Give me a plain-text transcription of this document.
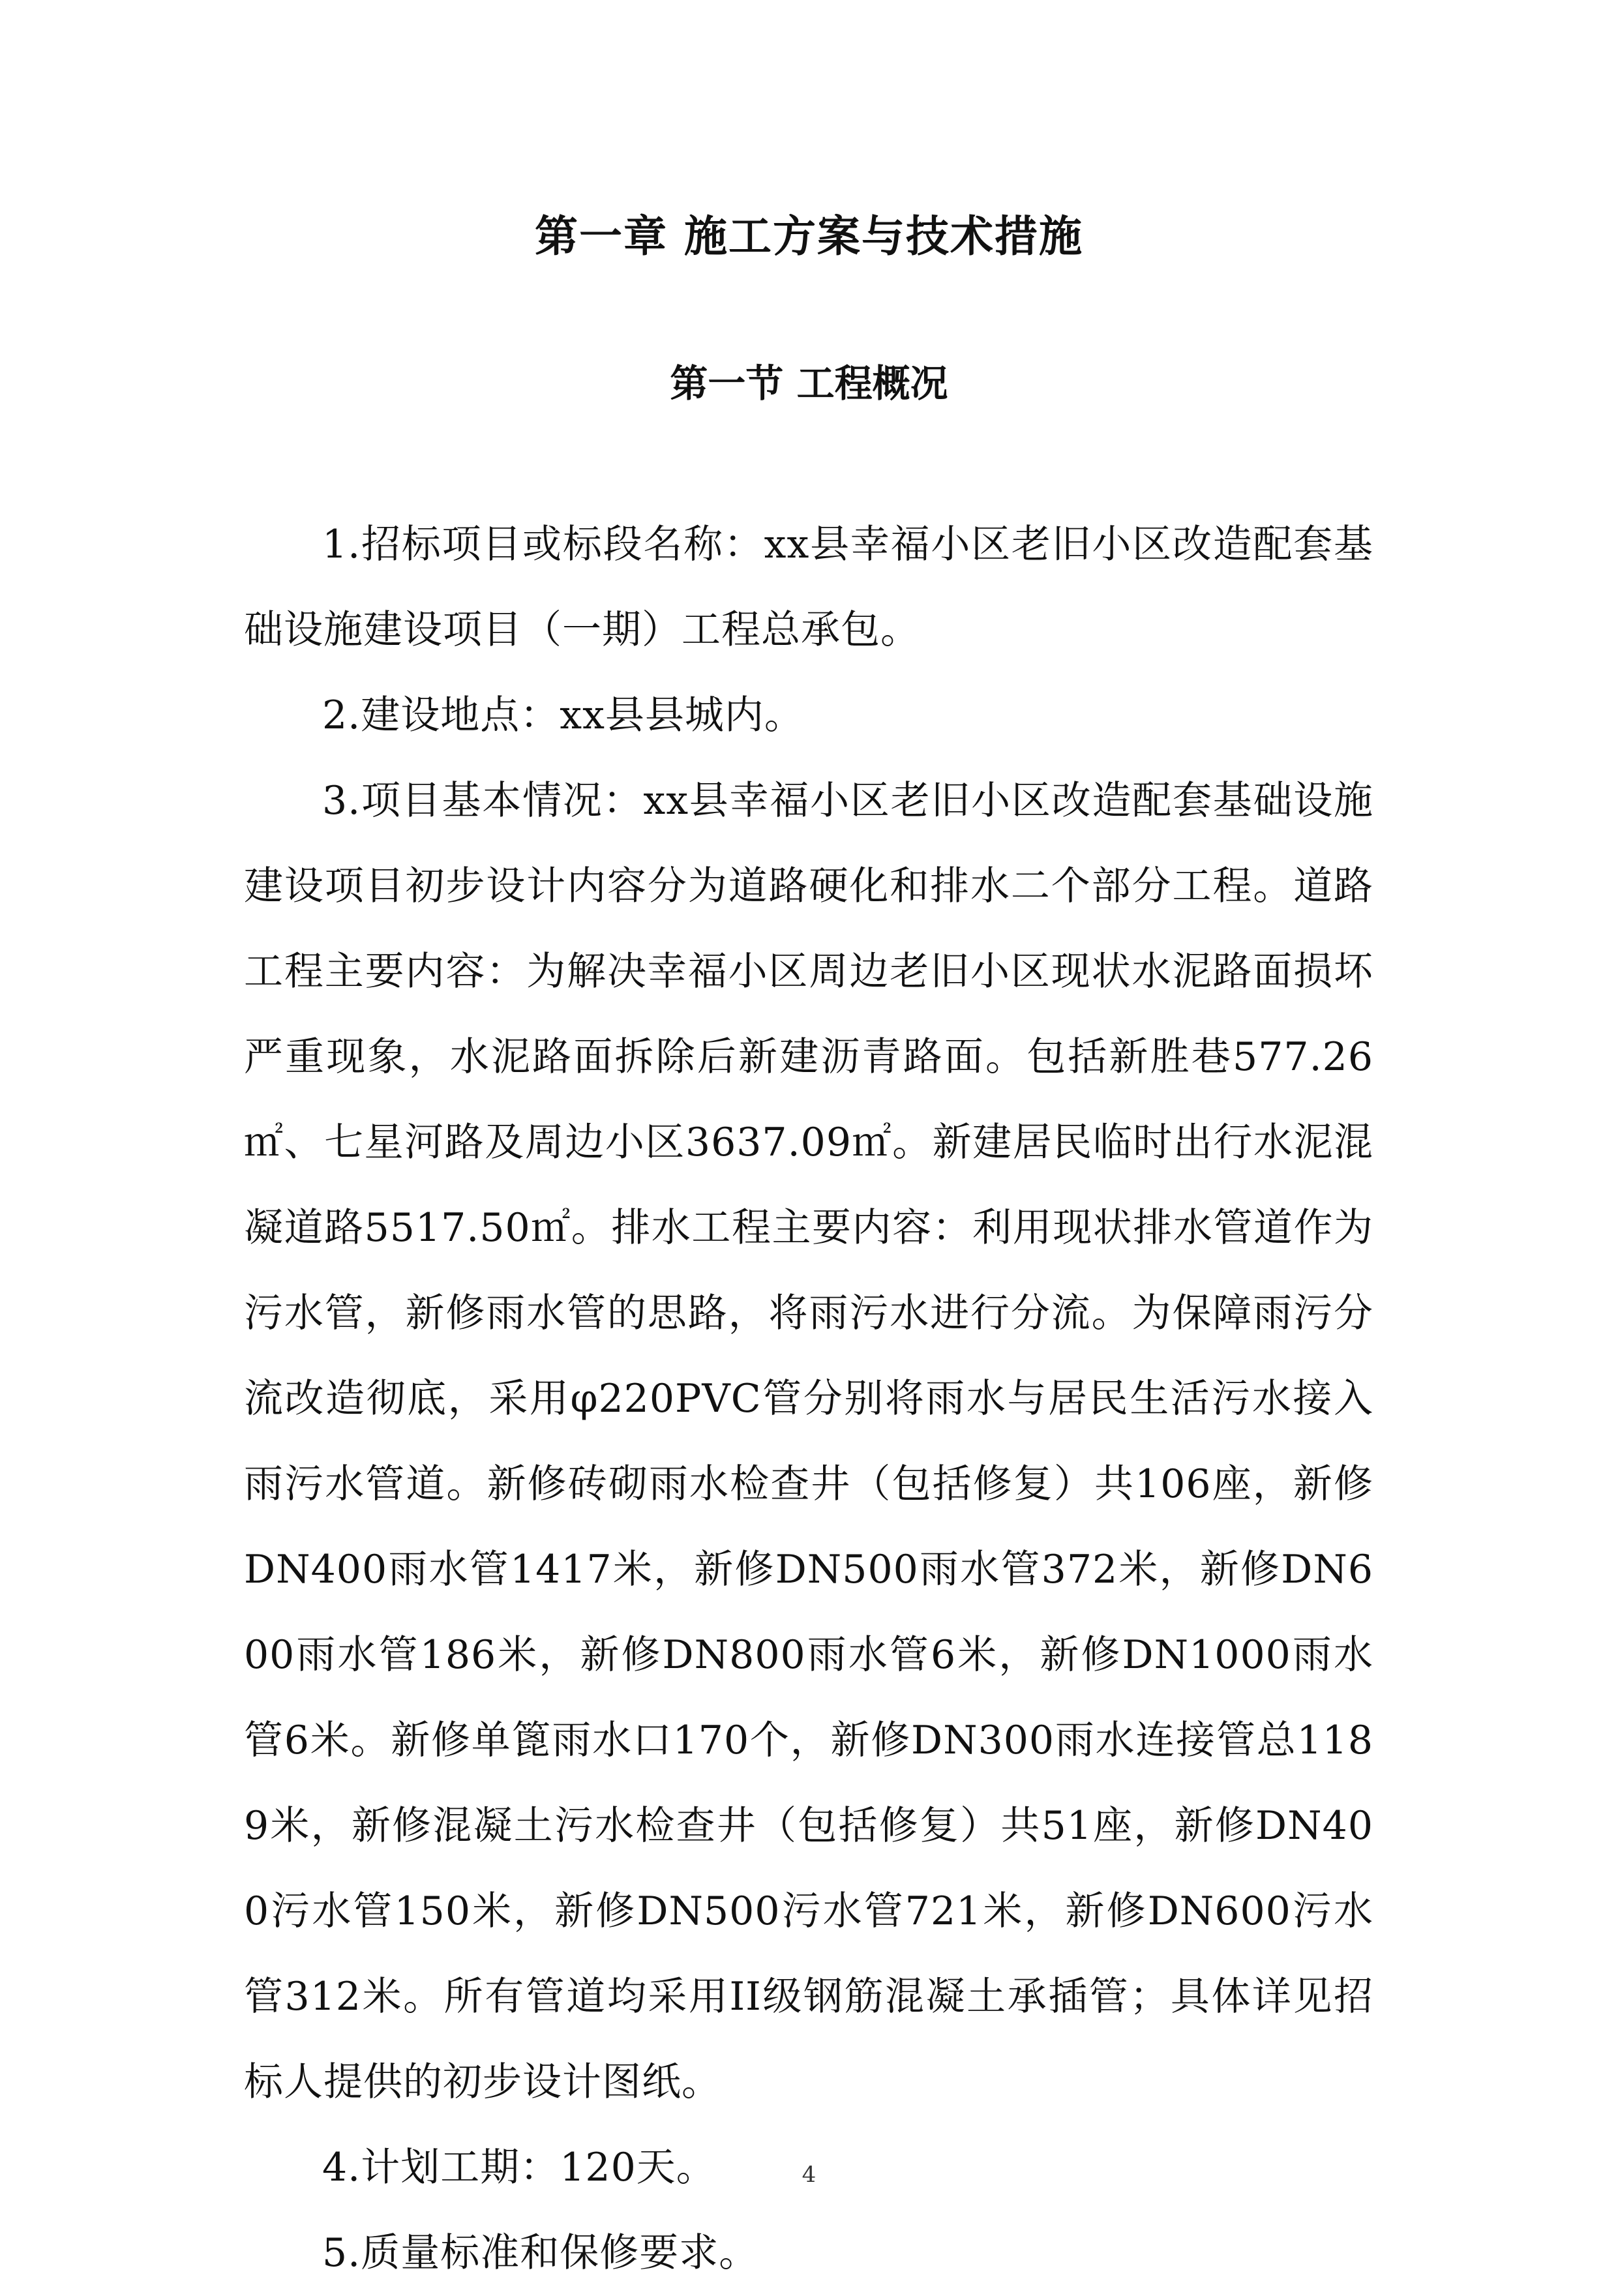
第一章 施工方案与技术措施
第一节 工程概况

1.招标项目或标段名称：xx县幸福小区老旧小区改造配套基础设施建设项目（一期）工程总承包。

2.建设地点：xx县县城内。

3.项目基本情况：xx县幸福小区老旧小区改造配套基础设施建设项目初步设计内容分为道路硬化和排水二个部分工程。道路工程主要内容：为解决幸福小区周边老旧小区现状水泥路面损坏严重现象，水泥路面拆除后新建沥青路面。包括新胜巷577.26㎡、七星河路及周边小区3637.09㎡。新建居民临时出行水泥混凝道路5517.50㎡。排水工程主要内容：利用现状排水管道作为污水管，新修雨水管的思路，将雨污水进行分流。为保障雨污分流改造彻底，采用φ220PVC管分别将雨水与居民生活污水接入雨污水管道。新修砖砌雨水检查井（包括修复）共106座，新修DN400雨水管1417米，新修DN500雨水管372米，新修DN600雨水管186米，新修DN800雨水管6米，新修DN1000雨水管6米。新修单篦雨水口170个，新修DN300雨水连接管总1189米，新修混凝土污水检查井（包括修复）共51座，新修DN400污水管150米，新修DN500污水管721米，新修DN600污水管312米。所有管道均采用II级钢筋混凝土承插管；具体详见招标人提供的初步设计图纸。

4.计划工期：120天。

5.质量标准和保修要求。

4
